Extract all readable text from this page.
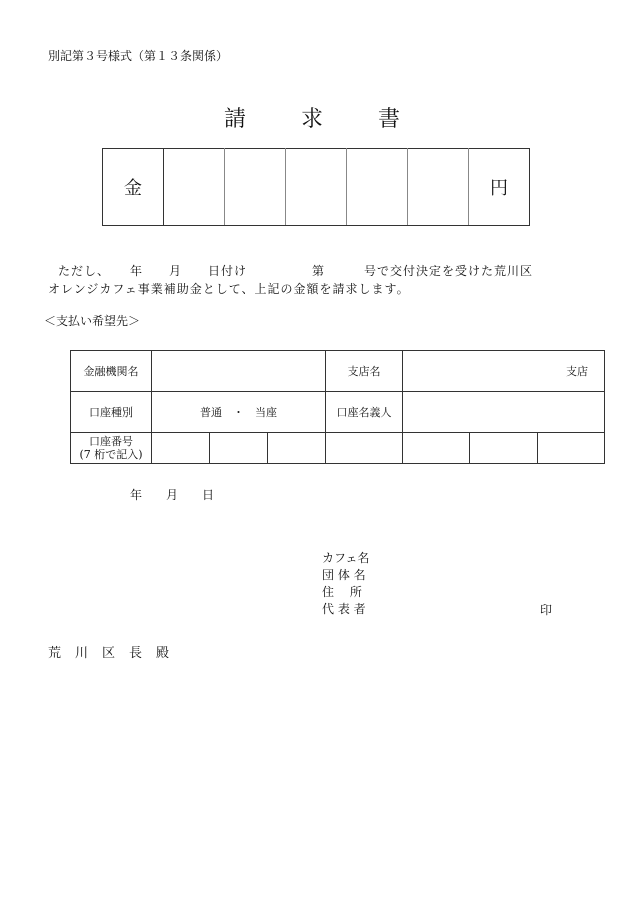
別記第３号様式（第１３条関係）
請 求 書
金						円
ただし、　　年　　月　　日付け　　　　　第　　　号で交付決定を受けた荒川区
オレンジカフェ事業補助金として、上記の金額を請求します。
＜支払い希望先＞
金融機関名				支店名	支店		
口座種別	普通　・　当座			口座名義人			

口座番号
(7 桁で記入)							

年　　月　　日
カフェ名
団 体 名
住　 所
代 表 者	印
荒川区長殿
